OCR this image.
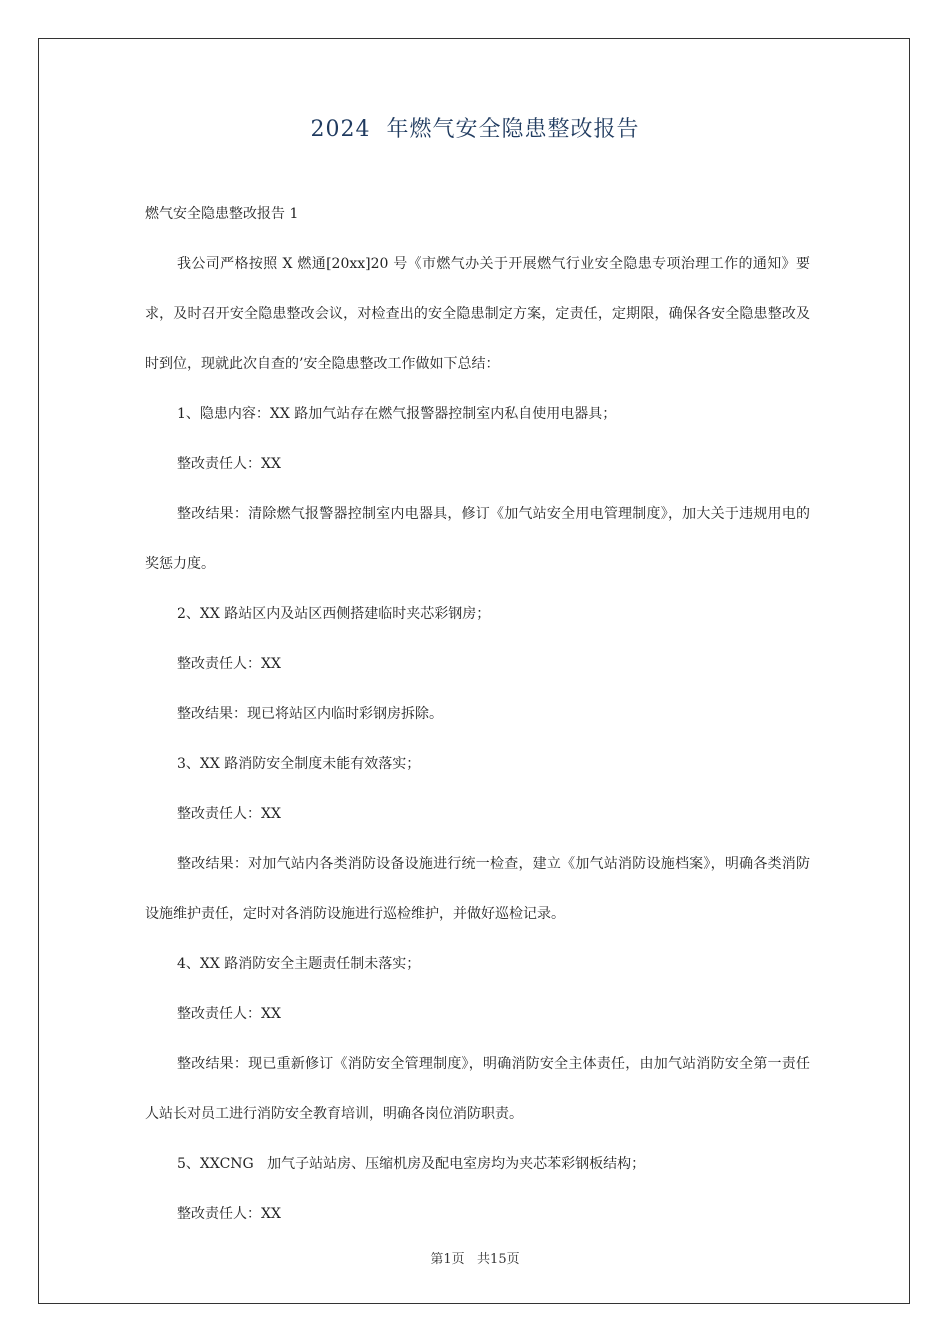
2024  年燃气安全隐患整改报告

燃气安全隐患整改报告 1

我公司严格按照 X 燃通[20xx]20 号《市燃气办关于开展燃气行业安全隐患专项治理工作的通知》要求，及时召开安全隐患整改会议，对检查出的安全隐患制定方案，定责任，定期限，确保各安全隐患整改及时到位，现就此次自查的’安全隐患整改工作做如下总结：

1、隐患内容：XX 路加气站存在燃气报警器控制室内私自使用电器具；

整改责任人：XX

整改结果：清除燃气报警器控制室内电器具，修订《加气站安全用电管理制度》，加大关于违规用电的奖惩力度。

2、XX 路站区内及站区西侧搭建临时夹芯彩钢房；

整改责任人：XX

整改结果：现已将站区内临时彩钢房拆除。

3、XX 路消防安全制度未能有效落实；

整改责任人：XX

整改结果：对加气站内各类消防设备设施进行统一检查，建立《加气站消防设施档案》，明确各类消防设施维护责任，定时对各消防设施进行巡检维护，并做好巡检记录。

4、XX 路消防安全主题责任制未落实；

整改责任人：XX

整改结果：现已重新修订《消防安全管理制度》，明确消防安全主体责任，由加气站消防安全第一责任人站长对员工进行消防安全教育培训，明确各岗位消防职责。

5、XXCNG   加气子站站房、压缩机房及配电室房均为夹芯苯彩钢板结构；

整改责任人：XX

第1页   共15页
